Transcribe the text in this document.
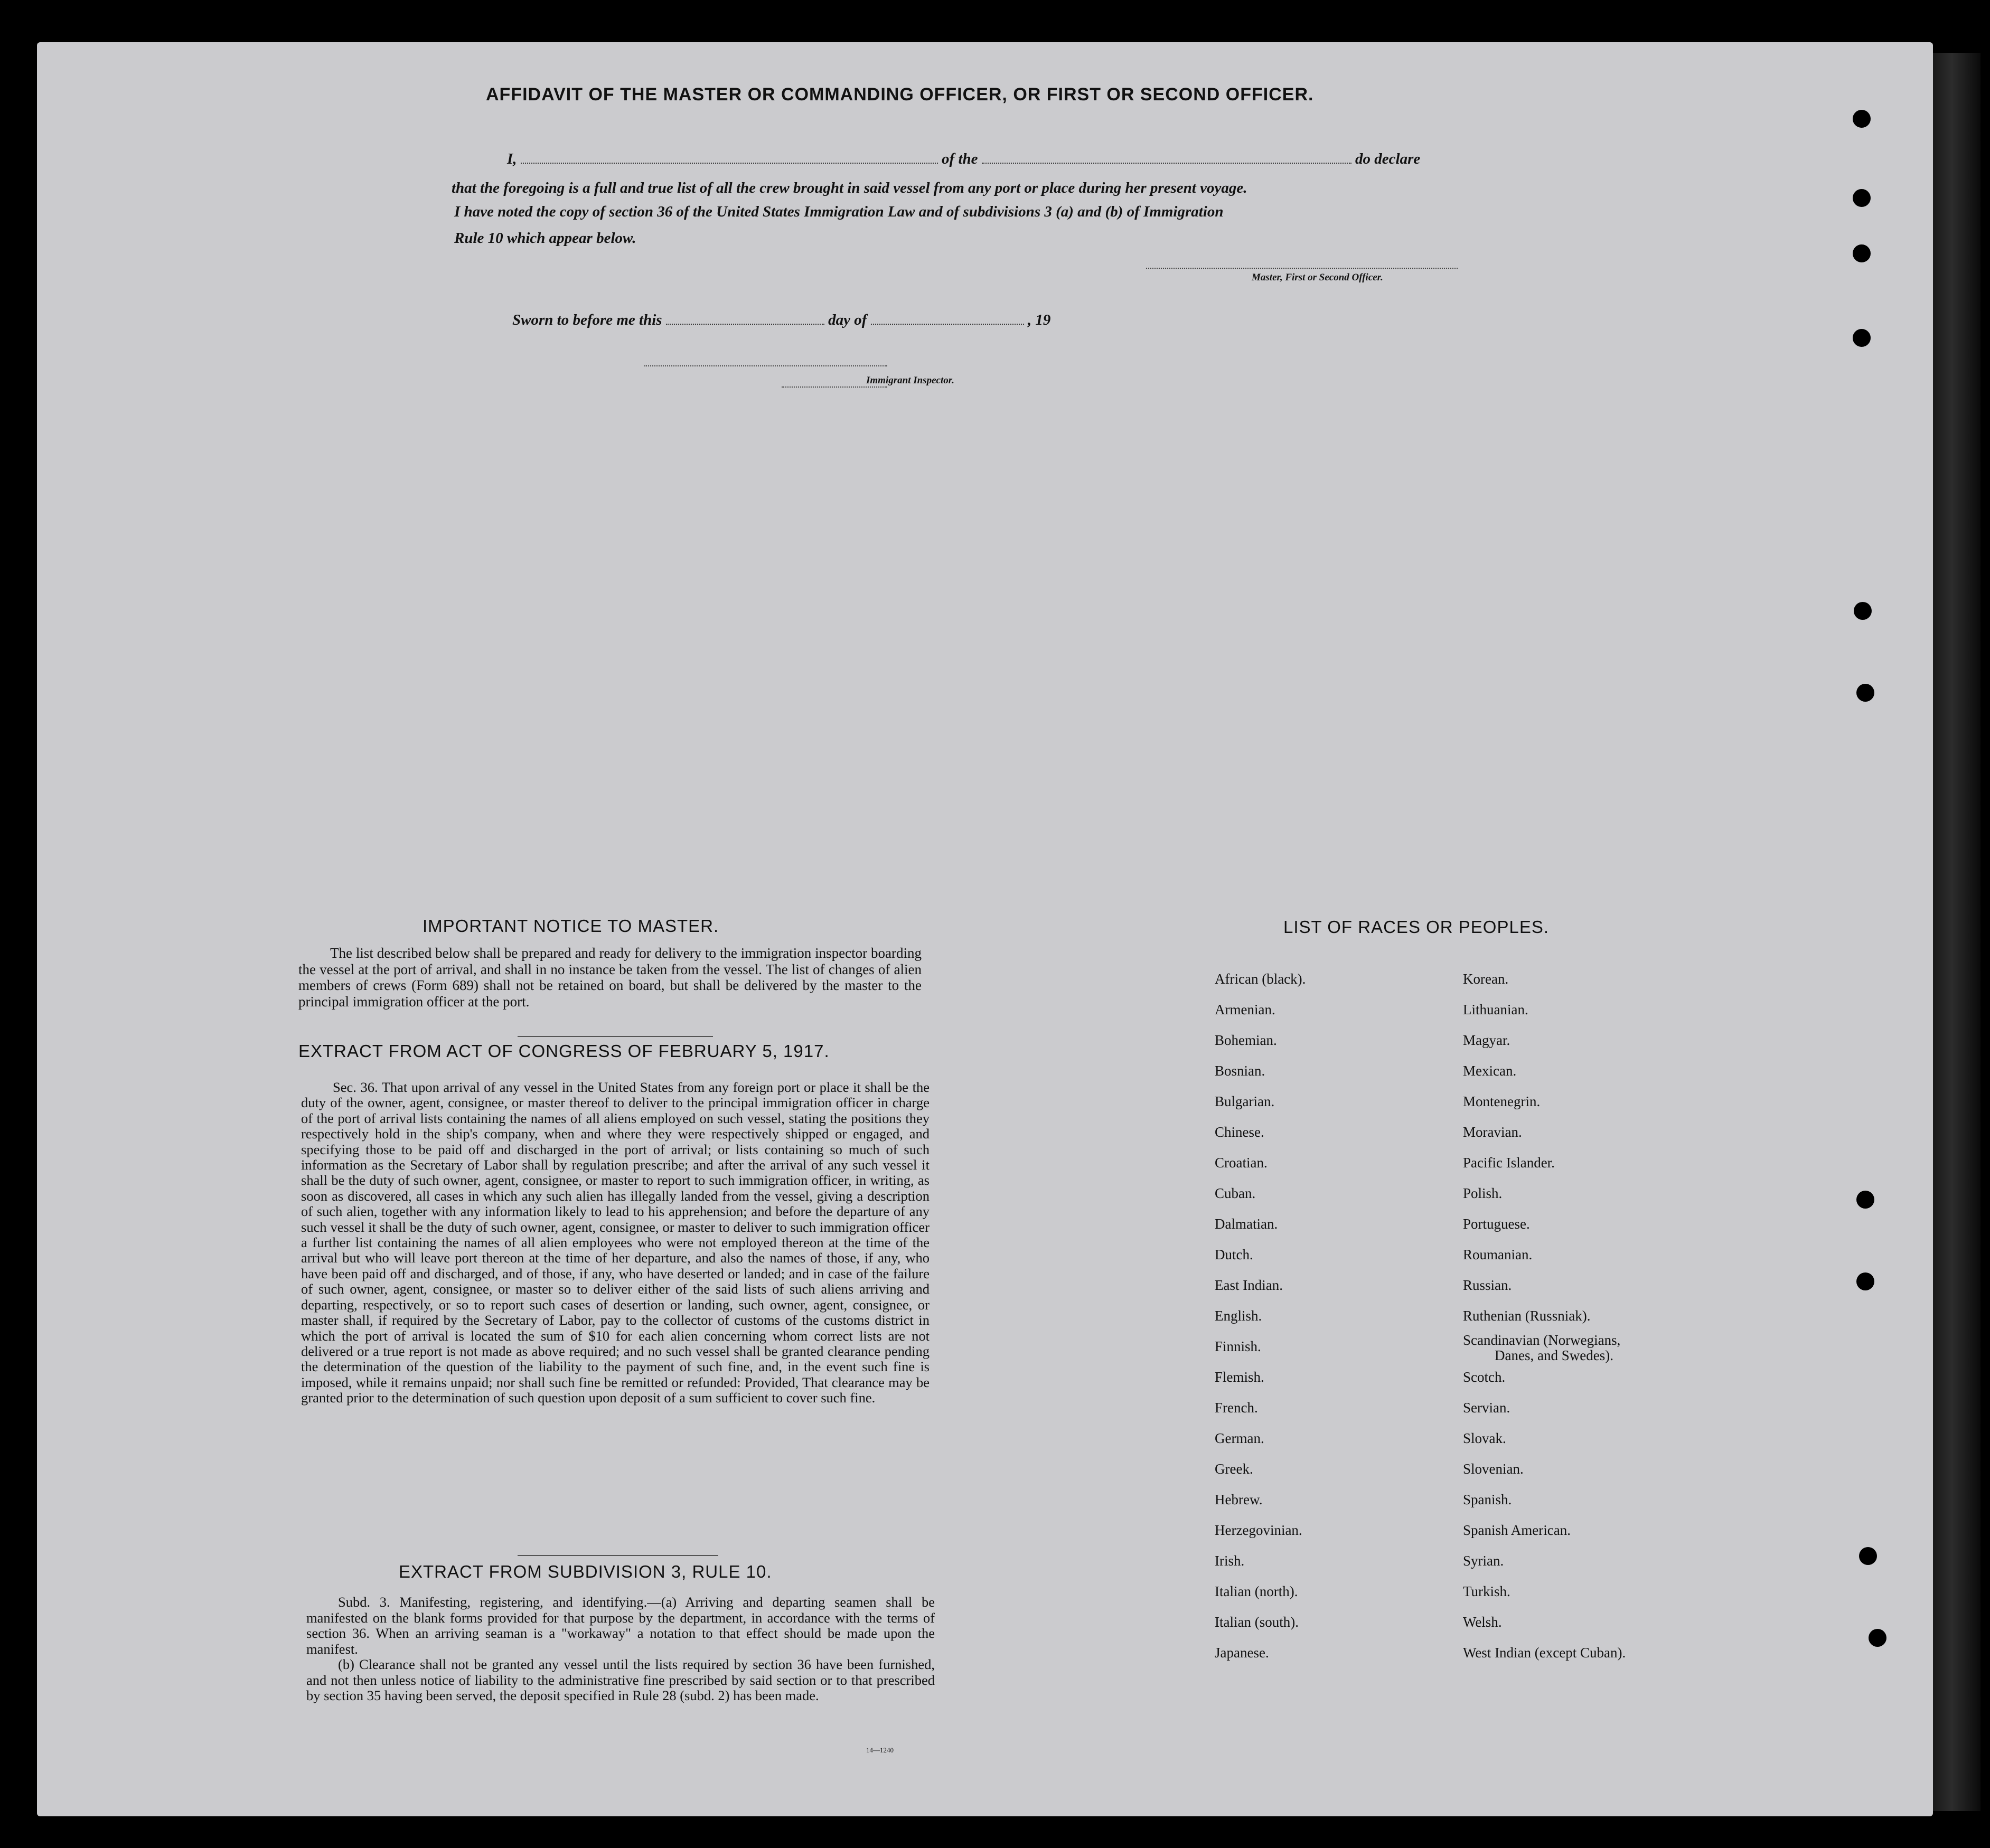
AFFIDAVIT OF THE MASTER OR COMMANDING OFFICER, OR FIRST OR SECOND OFFICER.
I,	of the	do declare
that the foregoing is a full and true list of all the crew brought in said vessel from any port or place during her present voyage.
I have noted the copy of section 36 of the United States Immigration Law and of subdivisions 3 (a) and (b) of Immigration
Rule 10 which appear below.
Master, First or Second Officer.
Sworn to before me this	day of	, 19
Immigrant Inspector.
IMPORTANT NOTICE TO MASTER.

The list described below shall be prepared and ready for delivery to the immigration inspector boarding the vessel at the port of arrival, and shall in no instance be taken from the vessel. The list of changes of alien members of crews (Form 689) shall not be retained on board, but shall be delivered by the master to the principal immigration officer at the port.

EXTRACT FROM ACT OF CONGRESS OF FEBRUARY 5, 1917.

Sec. 36. That upon arrival of any vessel in the United States from any foreign port or place it shall be the duty of the owner, agent, consignee, or master thereof to deliver to the principal immigration officer in charge of the port of arrival lists containing the names of all aliens employed on such vessel, stating the positions they respectively hold in the ship's company, when and where they were respectively shipped or engaged, and specifying those to be paid off and discharged in the port of arrival; or lists containing so much of such information as the Secretary of Labor shall by regulation prescribe; and after the arrival of any such vessel it shall be the duty of such owner, agent, consignee, or master to report to such immigration officer, in writing, as soon as discovered, all cases in which any such alien has illegally landed from the vessel, giving a description of such alien, together with any information likely to lead to his apprehension; and before the departure of any such vessel it shall be the duty of such owner, agent, consignee, or master to deliver to such immigration officer a further list containing the names of all alien employees who were not employed thereon at the time of the arrival but who will leave port thereon at the time of her departure, and also the names of those, if any, who have been paid off and discharged, and of those, if any, who have deserted or landed; and in case of the failure of such owner, agent, consignee, or master so to deliver either of the said lists of such aliens arriving and departing, respectively, or so to report such cases of desertion or landing, such owner, agent, consignee, or master shall, if required by the Secretary of Labor, pay to the collector of customs of the customs district in which the port of arrival is located the sum of $10 for each alien concerning whom correct lists are not delivered or a true report is not made as above required; and no such vessel shall be granted clearance pending the determination of the question of the liability to the payment of such fine, and, in the event such fine is imposed, while it remains unpaid; nor shall such fine be remitted or refunded: Provided, That clearance may be granted prior to the determination of such question upon deposit of a sum sufficient to cover such fine.

EXTRACT FROM SUBDIVISION 3, RULE 10.

Subd. 3. Manifesting, registering, and identifying.—(a) Arriving and departing seamen shall be manifested on the blank forms provided for that purpose by the department, in accordance with the terms of section 36. When an arriving seaman is a "workaway" a notation to that effect should be made upon the manifest.

(b) Clearance shall not be granted any vessel until the lists required by section 36 have been furnished, and not then unless notice of liability to the administrative fine prescribed by said section or to that prescribed by section 35 having been served, the deposit specified in Rule 28 (subd. 2) has been made.

14—1240
LIST OF RACES OR PEOPLES.
African (black).
Armenian.
Bohemian.
Bosnian.
Bulgarian.
Chinese.
Croatian.
Cuban.
Dalmatian.
Dutch.
East Indian.
English.
Finnish.
Flemish.
French.
German.
Greek.
Hebrew.
Herzegovinian.
Irish.
Italian (north).
Italian (south).
Japanese.
Korean.
Lithuanian.
Magyar.
Mexican.
Montenegrin.
Moravian.
Pacific Islander.
Polish.
Portuguese.
Roumanian.
Russian.
Ruthenian (Russniak).
Scandinavian (Norwegians,
Danes, and Swedes).
Scotch.
Servian.
Slovak.
Slovenian.
Spanish.
Spanish American.
Syrian.
Turkish.
Welsh.
West Indian (except Cuban).
